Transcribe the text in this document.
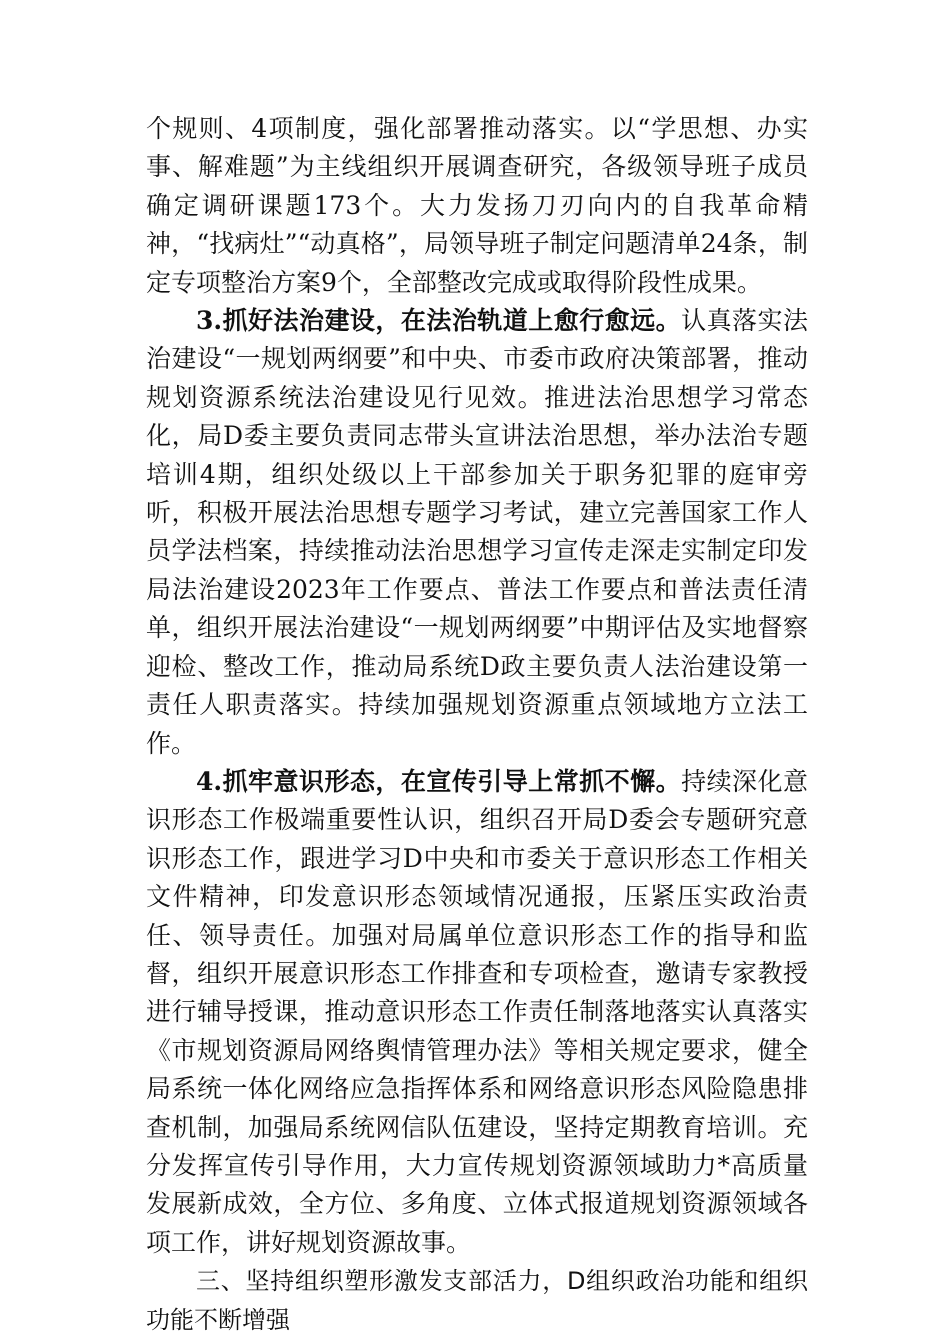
个规则、4项制度，强化部署推动落实。以“学思想、办实事、解难题”为主线组织开展调查研究，各级领导班子成员确定调研课题173个。大力发扬刀刃向内的自我革命精神，“找病灶”“动真格”，局领导班子制定问题清单24条，制定专项整治方案9个，全部整改完成或取得阶段性成果。

3.抓好法治建设，在法治轨道上愈行愈远。认真落实法治建设“一规划两纲要”和中央、市委市政府决策部署，推动规划资源系统法治建设见行见效。推进法治思想学习常态化，局D委主要负责同志带头宣讲法治思想，举办法治专题培训4期，组织处级以上干部参加关于职务犯罪的庭审旁听，积极开展法治思想专题学习考试，建立完善国家工作人员学法档案，持续推动法治思想学习宣传走深走实制定印发局法治建设2023年工作要点、普法工作要点和普法责任清单，组织开展法治建设“一规划两纲要”中期评估及实地督察迎检、整改工作，推动局系统D政主要负责人法治建设第一责任人职责落实。持续加强规划资源重点领域地方立法工作。

4.抓牢意识形态，在宣传引导上常抓不懈。持续深化意识形态工作极端重要性认识，组织召开局D委会专题研究意识形态工作，跟进学习D中央和市委关于意识形态工作相关文件精神，印发意识形态领域情况通报，压紧压实政治责任、领导责任。加强对局属单位意识形态工作的指导和监督，组织开展意识形态工作排查和专项检查，邀请专家教授进行辅导授课，推动意识形态工作责任制落地落实认真落实《市规划资源局网络舆情管理办法》等相关规定要求，健全局系统一体化网络应急指挥体系和网络意识形态风险隐患排查机制，加强局系统网信队伍建设，坚持定期教育培训。充分发挥宣传引导作用，大力宣传规划资源领域助力*高质量发展新成效，全方位、多角度、立体式报道规划资源领域各项工作，讲好规划资源故事。

三、坚持组织塑形激发支部活力，D组织政治功能和组织功能不断增强
